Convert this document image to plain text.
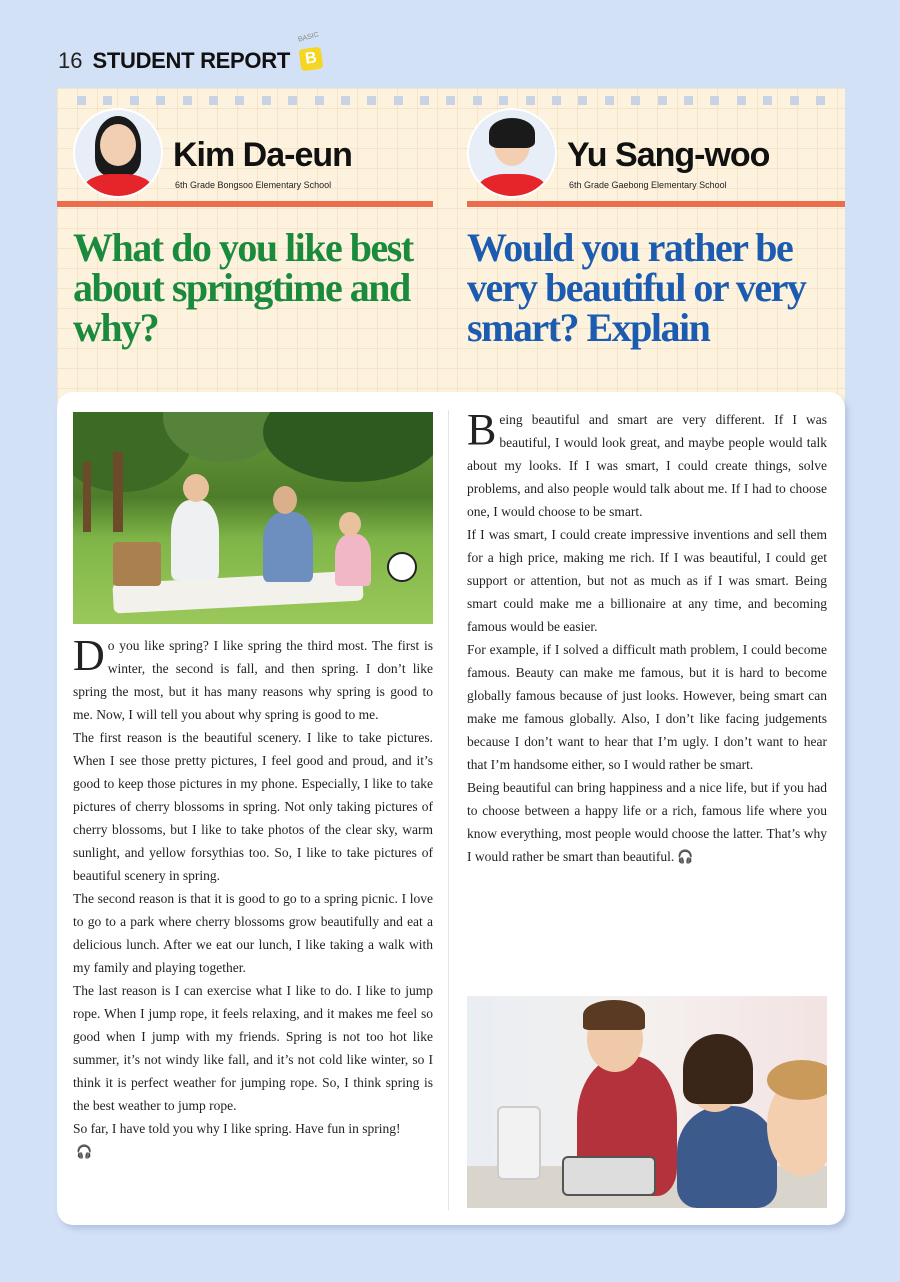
16 STUDENT REPORT
BASIC
B
Kim Da-eun
6th Grade Bongsoo Elementary School
Yu Sang-woo
6th Grade Gaebong Elementary School
What do you like best about springtime and why?
Would you rather be very beautiful or very smart? Explain

Do you like spring? I like spring the third most. The first is winter, the second is fall, and then spring. I don’t like spring the most, but it has many reasons why spring is good to me. Now, I will tell you about why spring is good to me.

The first reason is the beautiful scenery. I like to take pictures. When I see those pretty pictures, I feel good and proud, and it’s good to keep those pictures in my phone. Especially, I like to take pictures of cherry blossoms in spring. Not only taking pictures of cherry blossoms, but I like to take photos of the clear sky, warm sunlight, and yellow forsythias too. So, I like to take pictures of beautiful scenery in spring.

The second reason is that it is good to go to a spring picnic. I love to go to a park where cherry blossoms grow beautifully and eat a delicious lunch. After we eat our lunch, I like taking a walk with my family and playing together.

The last reason is I can exercise what I like to do. I like to jump rope. When I jump rope, it feels relaxing, and it makes me feel so good when I jump with my friends. Spring is not too hot like summer, it’s not windy like fall, and it’s not cold like winter, so I think it is perfect weather for jumping rope. So, I think spring is the best weather to jump rope.

So far, I have told you why I like spring. Have fun in spring!
🎧

Being beautiful and smart are very different. If I was beautiful, I would look great, and maybe people would talk about my looks. If I was smart, I could create things, solve problems, and also people would talk about me. If I had to choose one, I would choose to be smart.

If I was smart, I could create impressive inventions and sell them for a high price, making me rich. If I was beautiful, I could get support or attention, but not as much as if I was smart. Being smart could make me a billionaire at any time, and becoming famous would be easier.

For example, if I solved a difficult math problem, I could become famous. Beauty can make me famous, but it is hard to become globally famous because of just looks. However, being smart can make me famous globally. Also, I don’t like facing judgements because I don’t want to hear that I’m ugly. I don’t want to hear that I’m handsome either, so I would rather be smart.

Being beautiful can bring happiness and a nice life, but if you had to choose between a happy life or a rich, famous life where you know everything, most people would choose the latter. That’s why I would rather be smart than beautiful. 🎧
